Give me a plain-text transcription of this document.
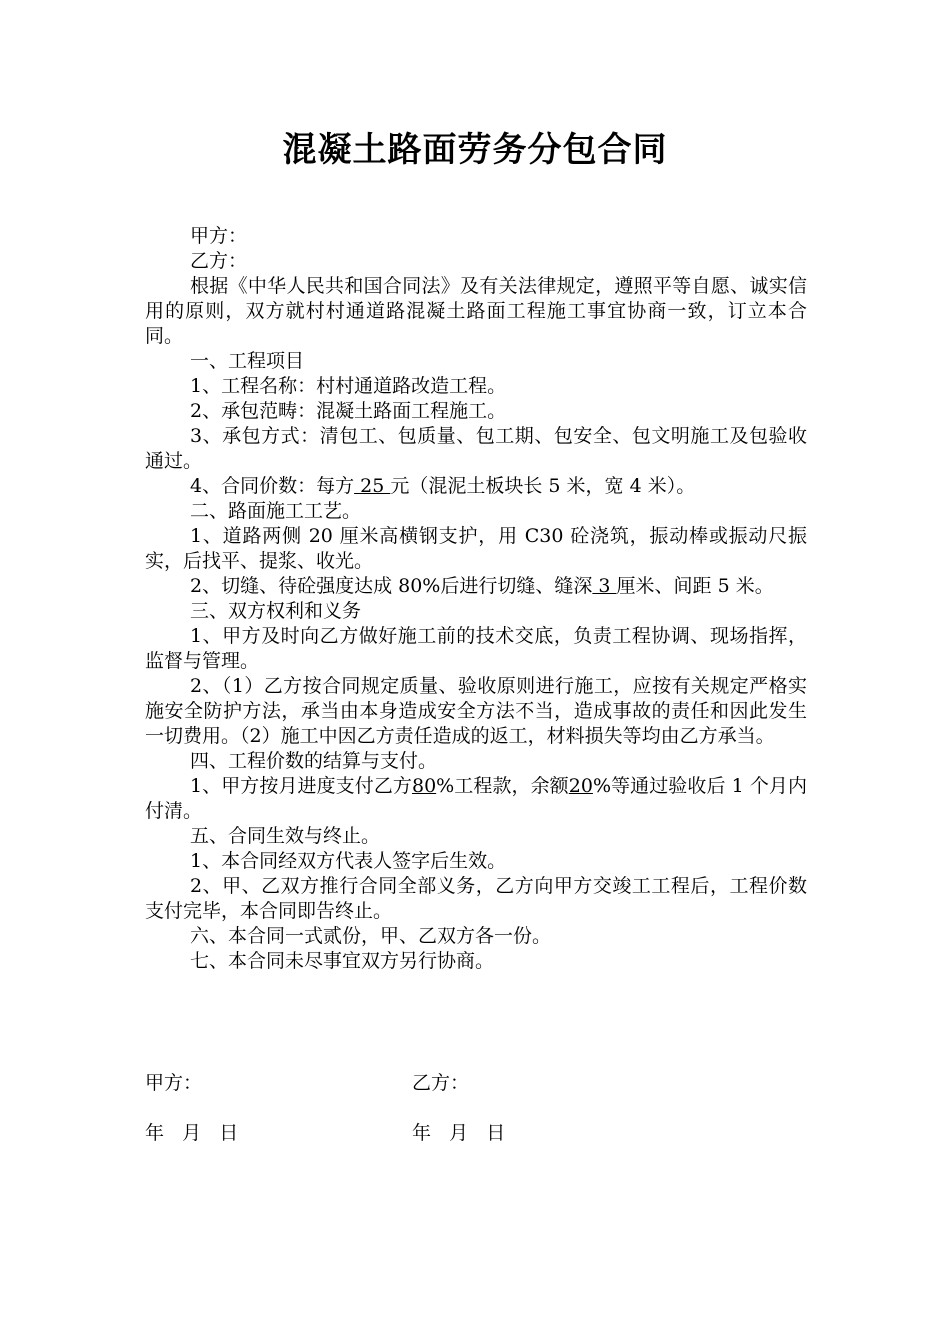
混凝土路面劳务分包合同

甲方：

乙方：

根据《中华人民共和国合同法》及有关法律规定，遵照平等自愿、诚实信用的原则，双方就村村通道路混凝土路面工程施工事宜协商一致，订立本合同。

一、工程项目

1、工程名称：村村通道路改造工程。

2、承包范畴：混凝土路面工程施工。

3、承包方式：清包工、包质量、包工期、包安全、包文明施工及包验收通过。

4、合同价数：每方 25 元（混泥土板块长 5 米，宽 4 米）。

二、路面施工工艺。

1、道路两侧 20 厘米高横钢支护，用 C30 砼浇筑，振动棒或振动尺振实，后找平、提浆、收光。

2、切缝、待砼强度达成 80%后进行切缝、缝深 3 厘米、间距 5 米。

三、双方权利和义务

1、甲方及时向乙方做好施工前的技术交底，负责工程协调、现场指挥，监督与管理。

2、（1）乙方按合同规定质量、验收原则进行施工，应按有关规定严格实施安全防护方法，承当由本身造成安全方法不当，造成事故的责任和因此发生一切费用。（2）施工中因乙方责任造成的返工，材料损失等均由乙方承当。

四、工程价数的结算与支付。

1、甲方按月进度支付乙方80%工程款，余额20%等通过验收后 1 个月内付清。

五、合同生效与终止。

1、本合同经双方代表人签字后生效。

2、甲、乙双方推行合同全部义务，乙方向甲方交竣工工程后，工程价数支付完毕，本合同即告终止。

六、本合同一式贰份，甲、乙双方各一份。

七、本合同未尽事宜双方另行协商。

甲方：	乙方：
年   月   日	年   月   日
